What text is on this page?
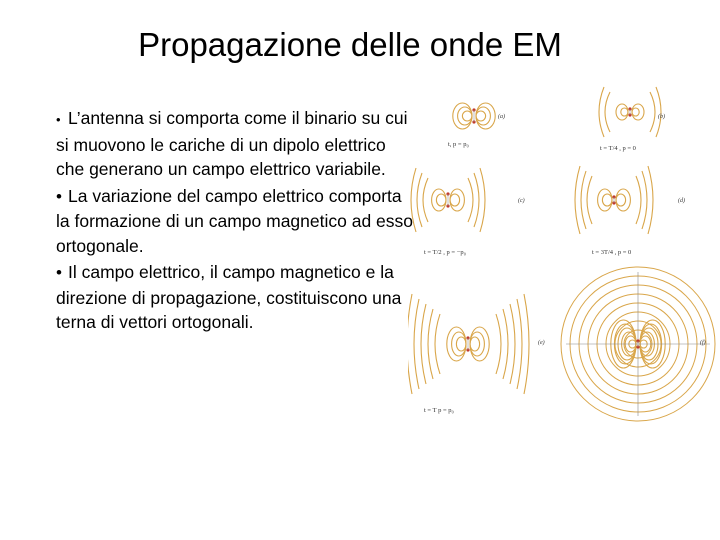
Propagazione delle onde EM
• L’antenna si comporta come il binario su cui si muovono le cariche di un dipolo elettrico che generano un campo elettrico variabile.
• La variazione del campo elettrico comporta la formazione di un campo magnetico ad esso ortogonale.
• Il campo elettrico, il campo magnetico e la direzione di propagazione, costituiscono una terna di vettori ortogonali.
(a)	(b)
(c)	(d)
(e)	(f)
t, p = p₀
t = T/4 , p = 0
t = T/2 , p = −p₀	t = 3T/4 , p = 0
t = T p = p₀
